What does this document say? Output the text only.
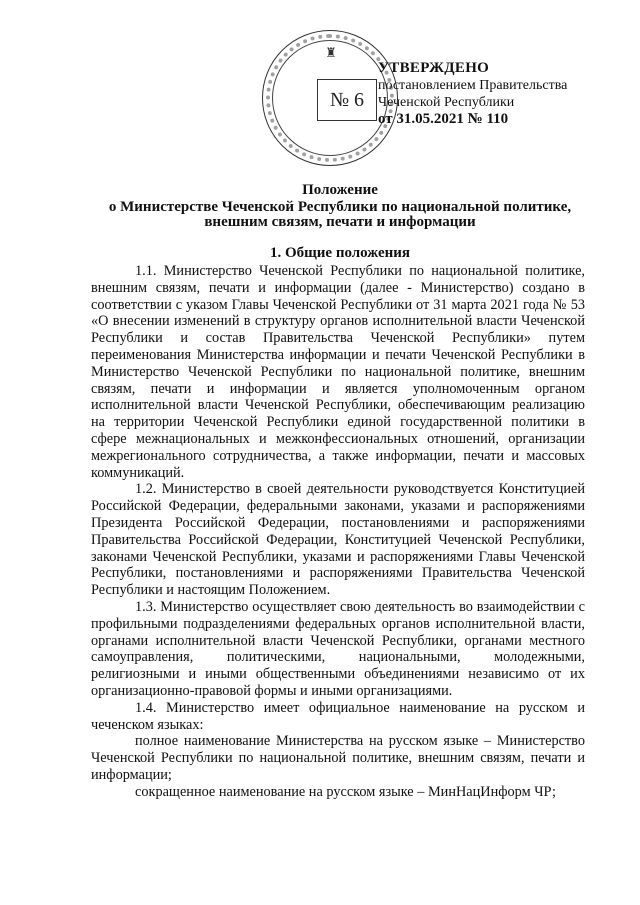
♜
№ 6
УТВЕРЖДЕНО
постановлением Правительства
Чеченской Республики
от 31.05.2021 № 110
Положение
о Министерстве Чеченской Республики по национальной политике,
внешним связям, печати и информации
1. Общие положения

1.1. Министерство Чеченской Республики по национальной политике, внешним связям, печати и информации (далее - Министерство) создано в соответствии с указом Главы Чеченской Республики от 31 марта 2021 года № 53 «О внесении изменений в структуру органов исполнительной власти Чеченской Республики и состав Правительства Чеченской Республики» путем переименования Министерства информации и печати Чеченской Республики в Министерство Чеченской Республики по национальной политике, внешним связям, печати и информации и является уполномоченным органом исполнительной власти Чеченской Республики, обеспечивающим реализацию на территории Чеченской Республики единой государственной политики в сфере межнациональных и межконфессиональных отношений, организации межрегионального сотрудничества, а также информации, печати и массовых коммуникаций.

1.2. Министерство в своей деятельности руководствуется Конституцией Российской Федерации, федеральными законами, указами и распоряжениями Президента Российской Федерации, постановлениями и распоряжениями Правительства Российской Федерации, Конституцией Чеченской Республики, законами Чеченской Республики, указами и распоряжениями Главы Чеченской Республики, постановлениями и распоряжениями Правительства Чеченской Республики и настоящим Положением.

1.3. Министерство осуществляет свою деятельность во взаимодействии с профильными подразделениями федеральных органов исполнительной власти, органами исполнительной власти Чеченской Республики, органами местного самоуправления, политическими, национальными, молодежными, религиозными и иными общественными объединениями независимо от их организационно-правовой формы и иными организациями.

1.4. Министерство имеет официальное наименование на русском и чеченском языках:

полное наименование Министерства на русском языке – Министерство Чеченской Республики по национальной политике, внешним связям, печати и информации;

сокращенное наименование на русском языке – МинНацИнформ ЧР;
